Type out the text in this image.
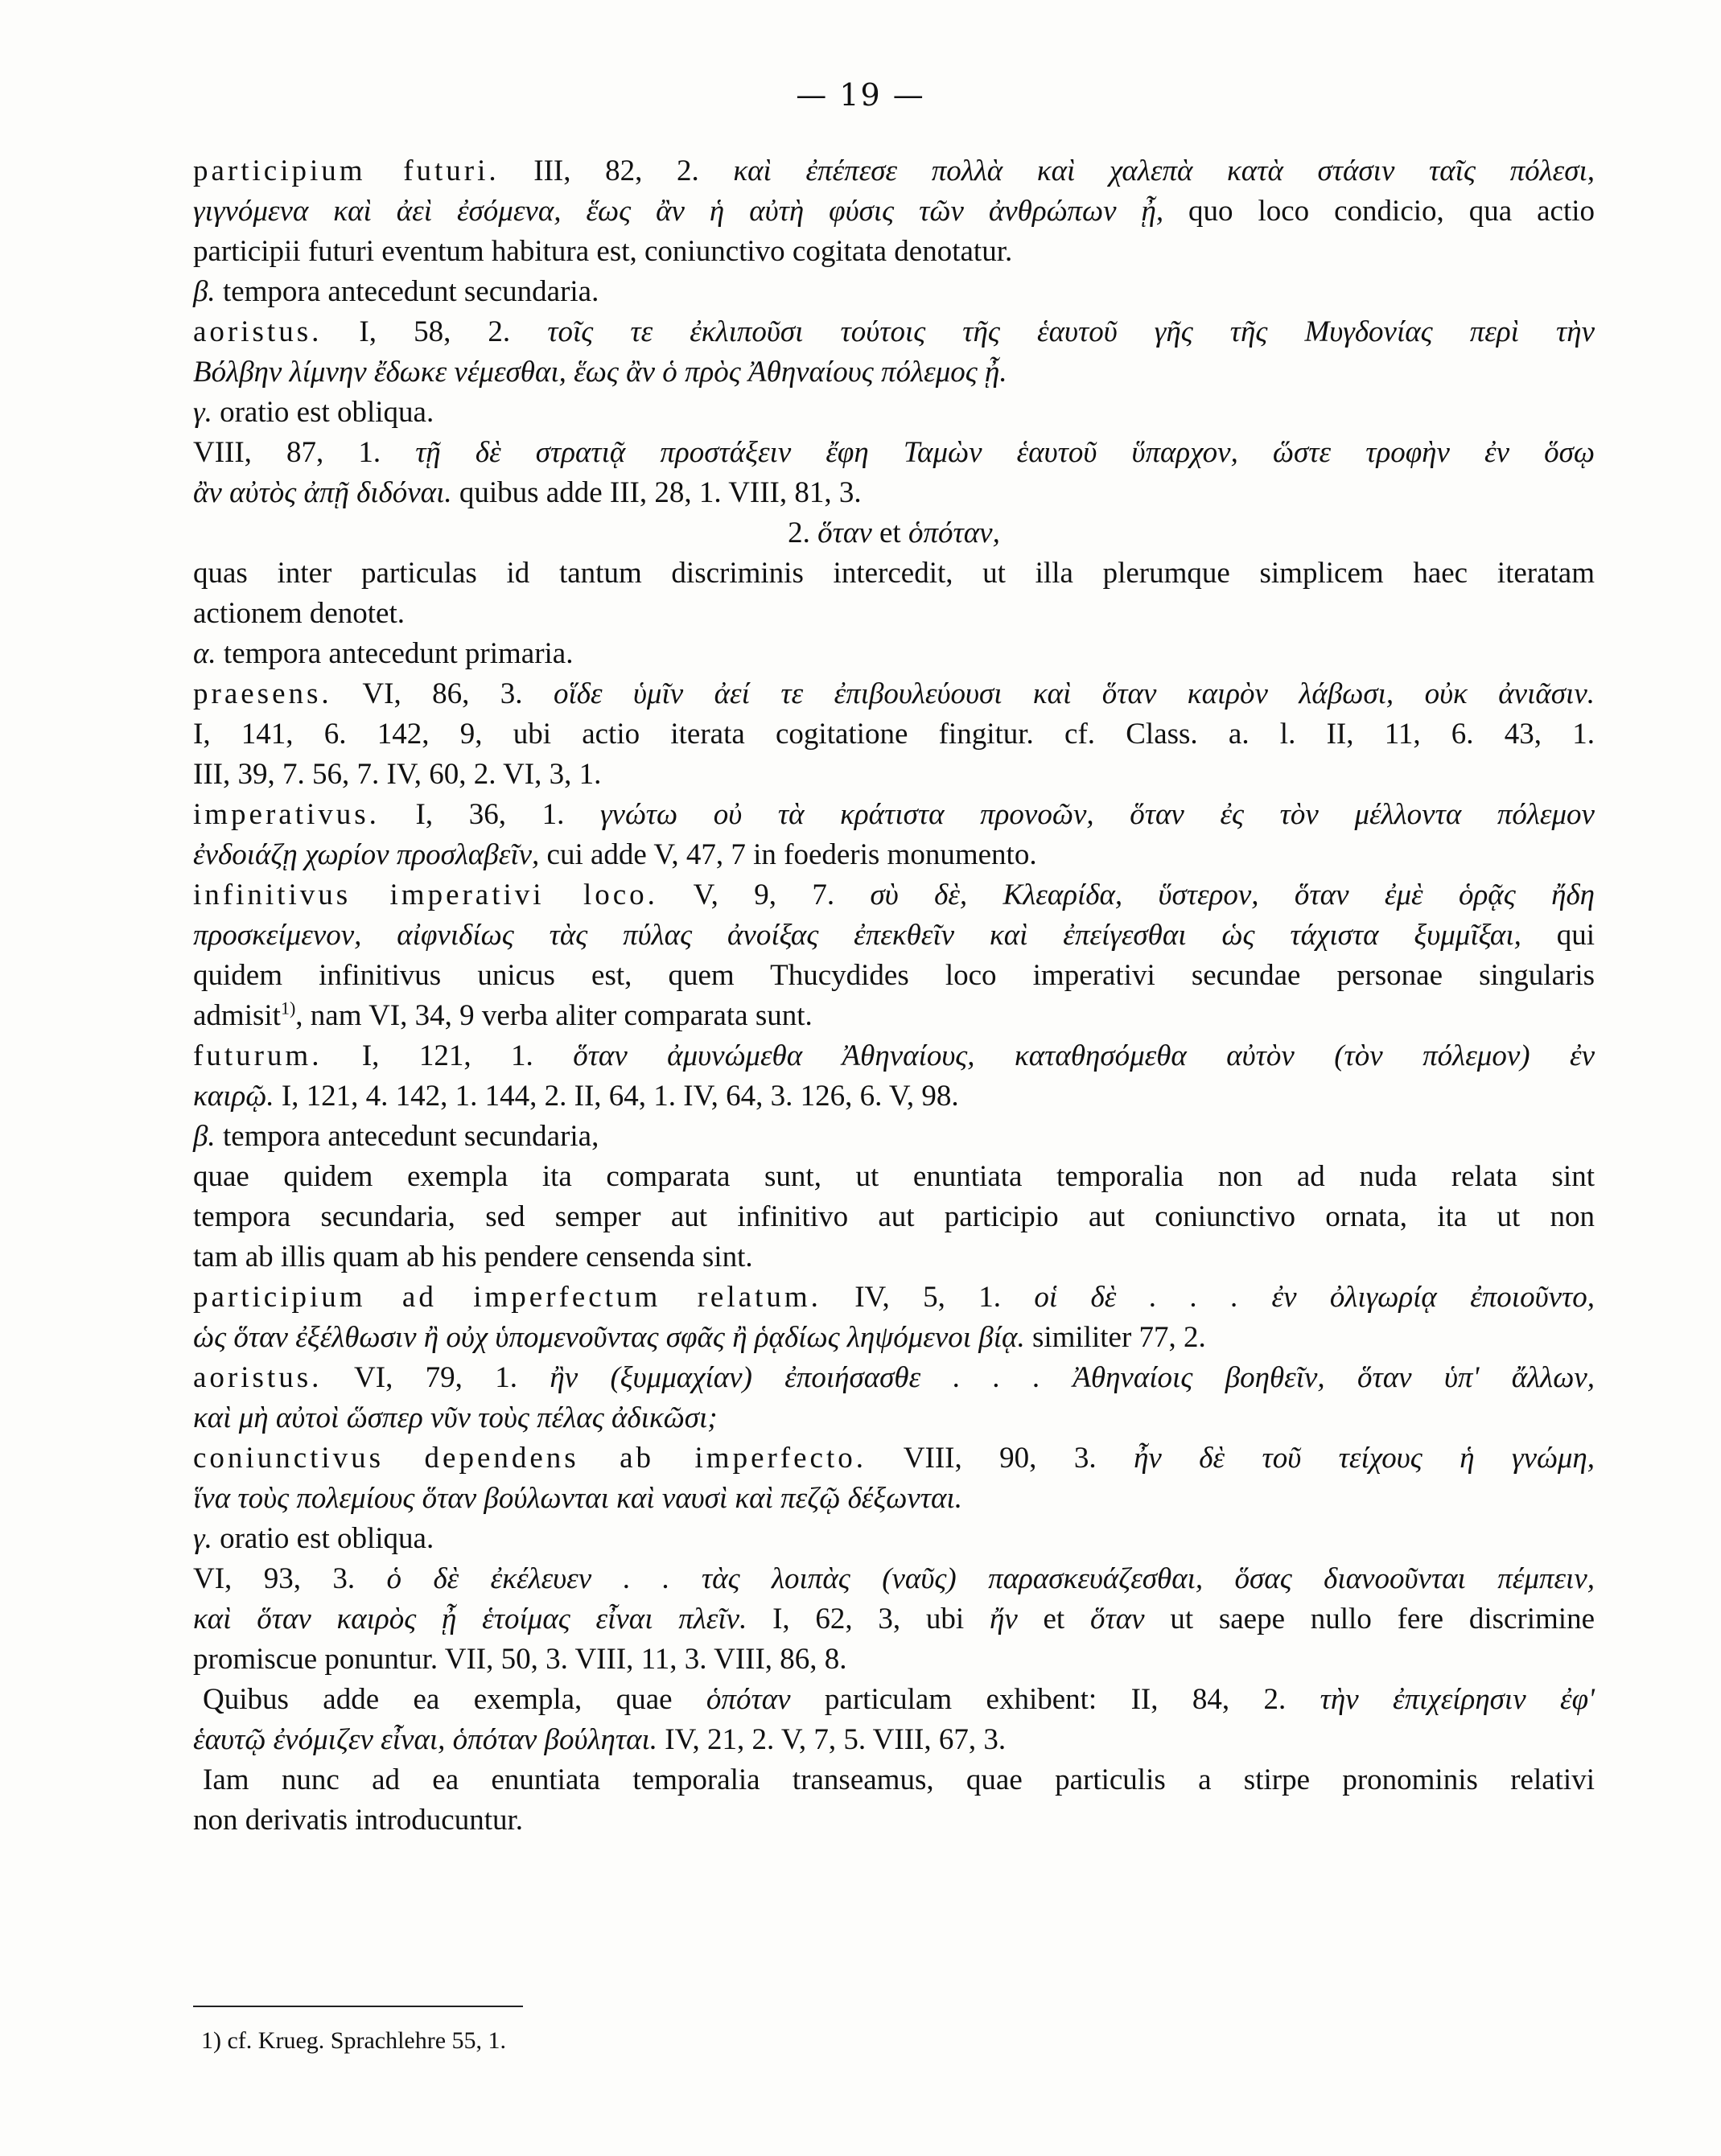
— 19 —
participium futuri. III, 82, 2. καὶ ἐπέπεσε πολλὰ καὶ χαλεπὰ κατὰ στάσιν ταῖς πόλεσι,
γιγνόμενα καὶ ἀεὶ ἐσόμενα, ἕως ἂν ἡ αὐτὴ φύσις τῶν ἀνθρώπων ᾖ, quo loco condicio, qua actio
participii futuri eventum habitura est, coniunctivo cogitata denotatur.
β. tempora antecedunt secundaria.
aoristus. I, 58, 2. τοῖς τε ἐκλιποῦσι τούτοις τῆς ἑαυτοῦ γῆς τῆς Μυγδονίας περὶ τὴν
Βόλβην λίμνην ἔδωκε νέμεσθαι, ἕως ἂν ὁ πρὸς Ἀθηναίους πόλεμος ᾖ.
γ. oratio est obliqua.
VIII, 87, 1. τῇ δὲ στρατιᾷ προστάξειν ἔφη Ταμὼν ἑαυτοῦ ὕπαρχον, ὥστε τροφὴν ἐν ὅσῳ
ἂν αὐτὸς ἀπῇ διδόναι. quibus adde III, 28, 1. VIII, 81, 3.
2. ὅταν et ὁπόταν,
quas inter particulas id tantum discriminis intercedit, ut illa plerumque simplicem haec iteratam
actionem denotet.
α. tempora antecedunt primaria.
praesens. VI, 86, 3. οἵδε ὑμῖν ἀεί τε ἐπιβουλεύουσι καὶ ὅταν καιρὸν λάβωσι, οὐκ ἀνιᾶσιν.
I, 141, 6. 142, 9, ubi actio iterata cogitatione fingitur. cf. Class. a. l. II, 11, 6. 43, 1.
III, 39, 7. 56, 7. IV, 60, 2. VI, 3, 1.
imperativus. I, 36, 1. γνώτω οὐ τὰ κράτιστα προνοῶν, ὅταν ἐς τὸν μέλλοντα πόλεμον
ἐνδοιάζῃ χωρίον προσλαβεῖν, cui adde V, 47, 7 in foederis monumento.
infinitivus imperativi loco. V, 9, 7. σὺ δὲ, Κλεαρίδα, ὕστερον, ὅταν ἐμὲ ὁρᾷς ἤδη
προσκείμενον, αἰφνιδίως τὰς πύλας ἀνοίξας ἐπεκθεῖν καὶ ἐπείγεσθαι ὡς τάχιστα ξυμμῖξαι, qui
quidem infinitivus unicus est, quem Thucydides loco imperativi secundae personae singularis
admisit$^{1)}$, nam VI, 34, 9 verba aliter comparata sunt.
futurum. I, 121, 1. ὅταν ἀμυνώμεθα Ἀθηναίους, καταθησόμεθα αὐτὸν (τὸν πόλεμον) ἐν
καιρῷ. I, 121, 4. 142, 1. 144, 2. II, 64, 1. IV, 64, 3. 126, 6. V, 98.
β. tempora antecedunt secundaria,
quae quidem exempla ita comparata sunt, ut enuntiata temporalia non ad nuda relata sint
tempora secundaria, sed semper aut infinitivo aut participio aut coniunctivo ornata, ita ut non
tam ab illis quam ab his pendere censenda sint.
participium ad imperfectum relatum. IV, 5, 1. οἱ δὲ . . . ἐν ὀλιγωρίᾳ ἐποιοῦντο,
ὡς ὅταν ἐξέλθωσιν ἢ οὐχ ὑπομενοῦντας σφᾶς ἢ ῥᾳδίως ληψόμενοι βίᾳ. similiter 77, 2.
aoristus. VI, 79, 1. ἢν (ξυμμαχίαν) ἐποιήσασθε . . . Ἀθηναίοις βοηθεῖν, ὅταν ὑπ' ἄλλων,
καὶ μὴ αὐτοὶ ὥσπερ νῦν τοὺς πέλας ἀδικῶσι;
coniunctivus dependens ab imperfecto. VIII, 90, 3. ἦν δὲ τοῦ τείχους ἡ γνώμη,
ἵνα τοὺς πολεμίους ὅταν βούλωνται καὶ ναυσὶ καὶ πεζῷ δέξωνται.
γ. oratio est obliqua.
VI, 93, 3. ὁ δὲ ἐκέλευεν . . τὰς λοιπὰς (ναῦς) παρασκευάζεσθαι, ὅσας διανοοῦνται πέμπειν,
καὶ ὅταν καιρὸς ᾖ ἑτοίμας εἶναι πλεῖν. I, 62, 3, ubi ἤν et ὅταν ut saepe nullo fere discrimine
promiscue ponuntur. VII, 50, 3. VIII, 11, 3. VIII, 86, 8.
Quibus adde ea exempla, quae ὁπόταν particulam exhibent: II, 84, 2. τὴν ἐπιχείρησιν ἐφ'
ἑαυτῷ ἐνόμιζεν εἶναι, ὁπόταν βούληται. IV, 21, 2. V, 7, 5. VIII, 67, 3.
Iam nunc ad ea enuntiata temporalia transeamus, quae particulis a stirpe pronominis relativi
non derivatis introducuntur.
1) cf. Krueg. Sprachlehre 55, 1.
